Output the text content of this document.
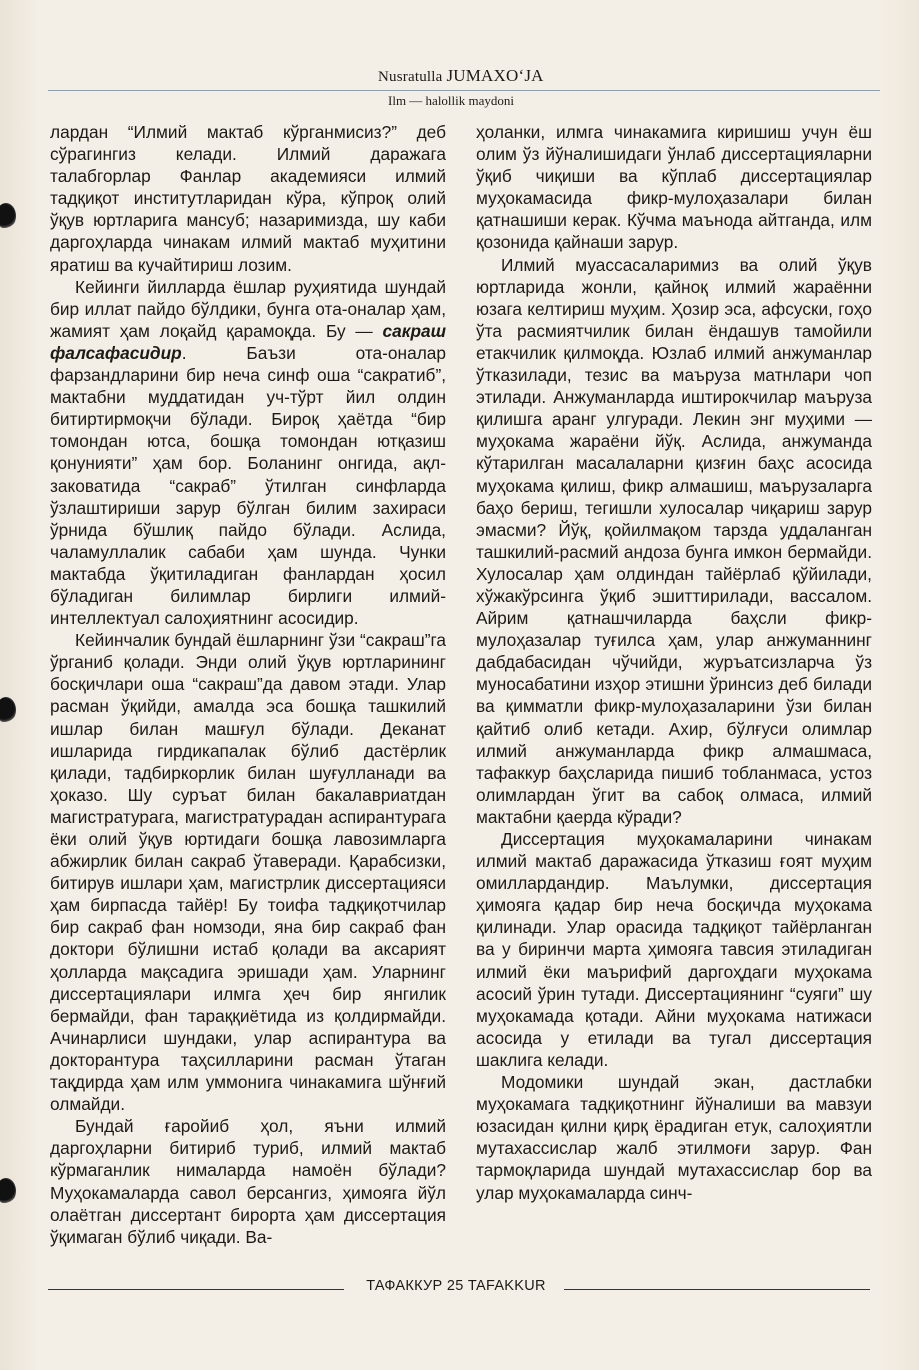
Nusratulla JUMAXO‘JA
Ilm — halollik maydoni

лардан “Илмий мактаб кўрганмисиз?” деб сўрагингиз келади. Илмий даражага талабгорлар Фанлар академияси илмий тадқиқот институтларидан кўра, кўпроқ олий ўқув юртларига мансуб; назаримизда, шу каби даргоҳларда чинакам илмий мактаб муҳитини яратиш ва кучайтириш лозим.

Кейинги йилларда ёшлар руҳиятида шундай бир иллат пайдо бўлдики, бунга ота-оналар ҳам, жамият ҳам лоқайд қарамоқда. Бу — сакраш фалсафасидир. Баъзи ота-оналар фарзандларини бир неча синф оша “сакратиб”, мактабни муддатидан уч-тўрт йил олдин битиртирмоқчи бўлади. Бироқ ҳаётда “бир томондан ютса, бошқа томондан ютқазиш қонунияти” ҳам бор. Боланинг онгида, ақл-заковатида “сакраб” ўтилган синфларда ўзлаштириши зарур бўлган билим захираси ўрнида бўшлиқ пайдо бўлади. Аслида, чаламуллалик сабаби ҳам шунда. Чунки мактабда ўқитиладиган фанлардан ҳосил бўладиган билимлар бирлиги илмий-интеллектуал салоҳиятнинг асосидир.

Кейинчалик бундай ёшларнинг ўзи “сакраш”га ўрганиб қолади. Энди олий ўқув юртларининг босқичлари оша “сакраш”да давом этади. Улар расман ўқийди, амалда эса бошқа ташкилий ишлар билан машғул бўлади. Деканат ишларида гирдикапалак бўлиб дастёрлик қилади, тадбиркорлик билан шуғулланади ва ҳоказо. Шу суръат билан бакалавриатдан магистратурага, магистратурадан аспирантурага ёки олий ўқув юртидаги бошқа лавозимларга абжирлик билан сакраб ўтаверади. Қарабсизки, битирув ишлари ҳам, магистрлик диссертацияси ҳам бирпасда тайёр! Бу тоифа тадқиқотчилар бир сакраб фан номзоди, яна бир сакраб фан доктори бўлишни истаб қолади ва аксарият ҳолларда мақсадига эришади ҳам. Уларнинг диссертациялари илмга ҳеч бир янгилик бермайди, фан тараққиётида из қолдирмайди. Ачинарлиси шундаки, улар аспирантура ва докторантура таҳсилларини расман ўтаган тақдирда ҳам илм уммонига чинакамига шўнғий олмайди.

Бундай ғаройиб ҳол, яъни илмий даргоҳларни битириб туриб, илмий мактаб кўрмаганлик нималарда намоён бўлади? Муҳокамаларда савол берсангиз, ҳимояга йўл олаётган диссертант бирорта ҳам диссертация ўқимаган бўлиб чиқади. Ва-

ҳоланки, илмга чинакамига киришиш учун ёш олим ўз йўналишидаги ўнлаб диссертацияларни ўқиб чиқиши ва кўплаб диссертациялар муҳокамасида фикр-мулоҳазалари билан қатнашиши керак. Кўчма маънода айтганда, илм қозонида қайнаши зарур.

Илмий муассасаларимиз ва олий ўқув юртларида жонли, қайноқ илмий жараённи юзага келтириш муҳим. Ҳозир эса, афсуски, гоҳо ўта расмиятчилик билан ёндашув тамойили етакчилик қилмоқда. Юзлаб илмий анжуманлар ўтказилади, тезис ва маъруза матнлари чоп этилади. Анжуманларда иштирокчилар маъруза қилишга аранг улгуради. Лекин энг муҳими — муҳокама жараёни йўқ. Аслида, анжуманда кўтарилган масалаларни қизғин баҳс асосида муҳокама қилиш, фикр алмашиш, маърузаларга баҳо бериш, тегишли хулосалар чиқариш зарур эмасми? Йўқ, қойилмақом тарзда уддаланган ташкилий-расмий андоза бунга имкон бермайди. Хулосалар ҳам олдиндан тайёрлаб қўйилади, хўжакўрсинга ўқиб эшиттирилади, вассалом. Айрим қатнашчиларда баҳсли фикр-мулоҳазалар туғилса ҳам, улар анжуманнинг дабдабасидан чўчийди, журъатсизларча ўз муносабатини изҳор этишни ўринсиз деб билади ва қимматли фикр-мулоҳазаларини ўзи билан қайтиб олиб кетади. Ахир, бўлғуси олимлар илмий анжуманларда фикр алмашмаса, тафаккур баҳсларида пишиб тобланмаса, устоз олимлардан ўгит ва сабоқ олмаса, илмий мактабни қаерда кўради?

Диссертация муҳокамаларини чинакам илмий мактаб даражасида ўтказиш ғоят муҳим омиллардандир. Маълумки, диссертация ҳимояга қадар бир неча босқичда муҳокама қилинади. Улар орасида тадқиқот тайёрланган ва у биринчи марта ҳимояга тавсия этиладиган илмий ёки маърифий даргоҳдаги муҳокама асосий ўрин тутади. Диссертациянинг “суяги” шу муҳокамада қотади. Айни муҳокама натижаси асосида у етилади ва тугал диссертация шаклига келади.

Модомики шундай экан, дастлабки муҳокамага тадқиқотнинг йўналиши ва мавзуи юзасидан қилни қирқ ёрадиган етук, салоҳиятли мутахассислар жалб этилмоғи зарур. Фан тармоқларида шундай мутахассислар бор ва улар муҳокамаларда синч-

ТАФАККУР 25 TAFAKKUR
